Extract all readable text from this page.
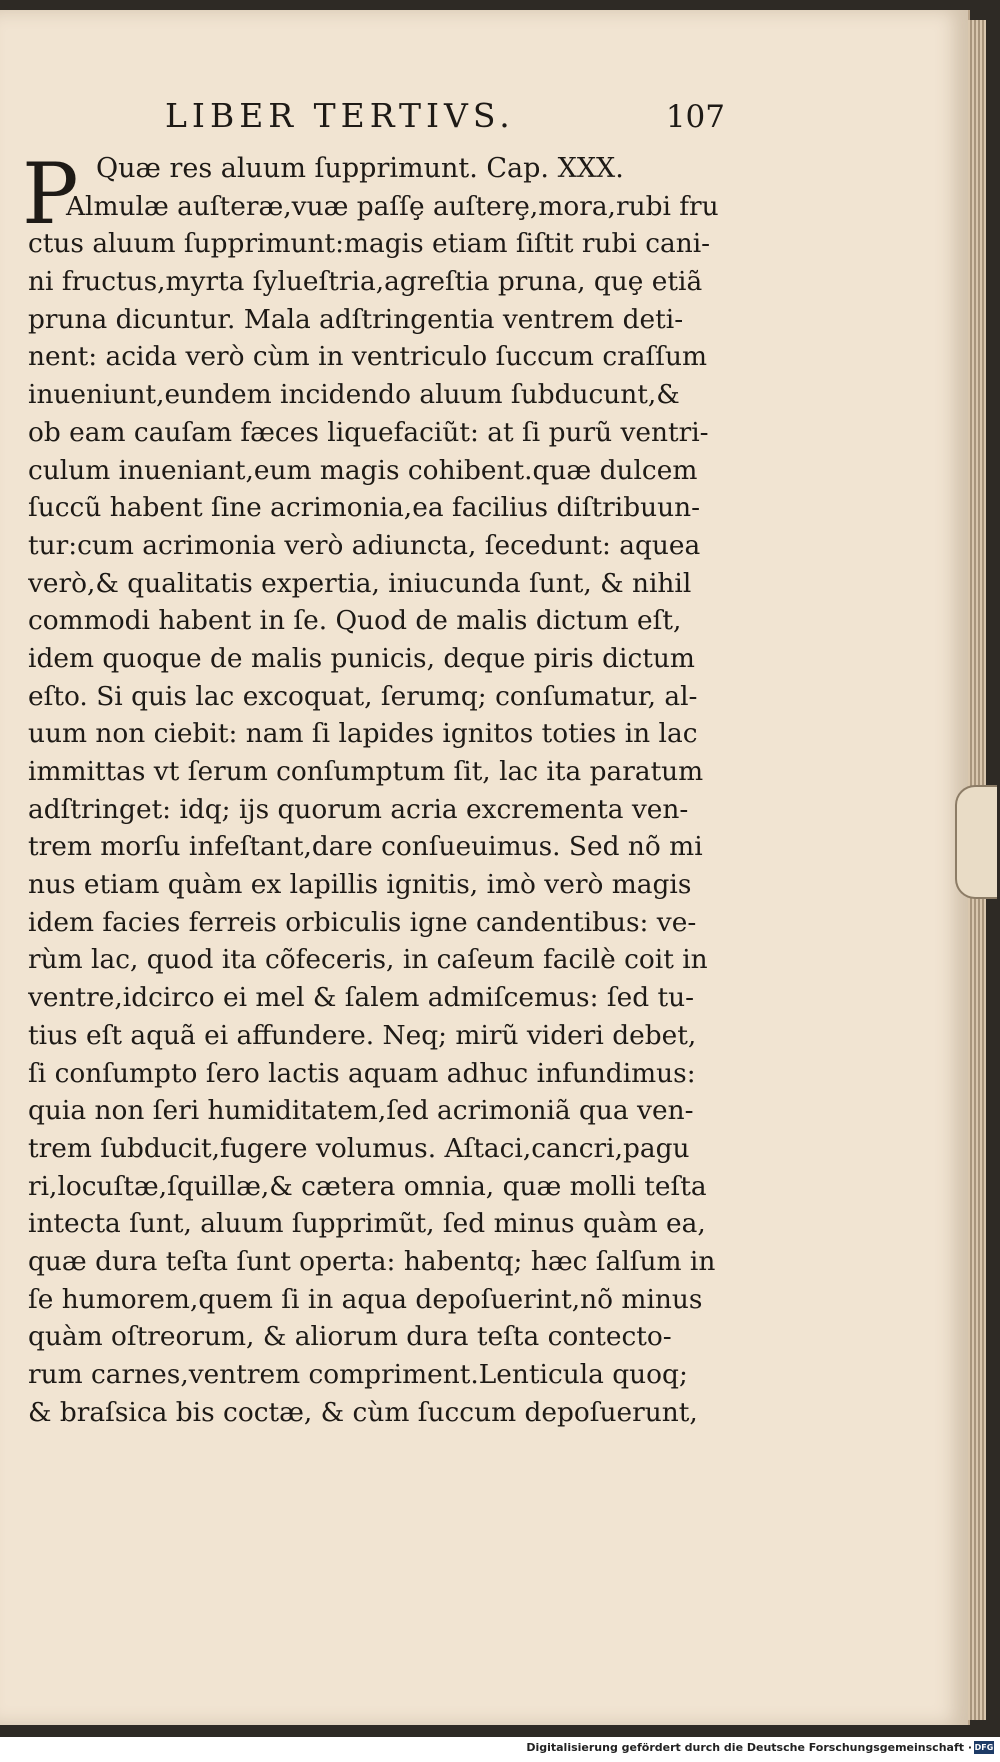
LIBER TERTIVS.	107
P Quæ res aluum ſupprimunt. Cap. XXX.
Almulæ auſteræ,vuæ paſſȩ auſterȩ,mora,rubi fru
ctus aluum ſupprimunt:magis etiam ſiſtit rubi cani-
ni fructus,myrta ſylueſtria,agreſtia pruna, quȩ etiã
pruna dicuntur. Mala adſtringentia ventrem deti-
nent: acida verò cùm in ventriculo ſuccum craſſum
inueniunt,eundem incidendo aluum ſubducunt,&
ob eam cauſam fæces liquefaciũt: at ſi purũ ventri-
culum inueniant,eum magis cohibent.quæ dulcem
ſuccũ habent ſine acrimonia,ea facilius diſtribuun-
tur:cum acrimonia verò adiuncta, ſecedunt: aquea
verò,& qualitatis expertia, iniucunda ſunt, & nihil
commodi habent in ſe. Quod de malis dictum eſt,
idem quoque de malis punicis, deque piris dictum
eſto. Si quis lac excoquat, ſerumq; conſumatur, al-
uum non ciebit: nam ſi lapides ignitos toties in lac
immittas vt ſerum conſumptum ſit, lac ita paratum
adſtringet: idq; ijs quorum acria excrementa ven-
trem morſu infeſtant,dare conſueuimus. Sed nõ mi
nus etiam quàm ex lapillis ignitis, imò verò magis
idem facies ferreis orbiculis igne candentibus: ve-
rùm lac, quod ita cõfeceris, in caſeum facilè coit in
ventre,idcirco ei mel & ſalem admiſcemus: ſed tu-
tius eſt aquã ei affundere. Neq; mirũ videri debet,
ſi conſumpto ſero lactis aquam adhuc infundimus:
quia non ſeri humiditatem,ſed acrimoniã qua ven-
trem ſubducit,fugere volumus. Aſtaci,cancri,pagu
ri,locuſtæ,ſquillæ,& cætera omnia, quæ molli teſta
intecta ſunt, aluum ſupprimũt, ſed minus quàm ea,
quæ dura teſta ſunt operta: habentq; hæc ſalſum in
ſe humorem,quem ſi in aqua depoſuerint,nõ minus
quàm oſtreorum, & aliorum dura teſta contecto-
rum carnes,ventrem compriment.Lenticula quoq;
& braſsica bis coctæ, & cùm ſuccum depoſuerunt,
Digitalisierung gefördert durch die Deutsche Forschungsgemeinschaft · DFG
